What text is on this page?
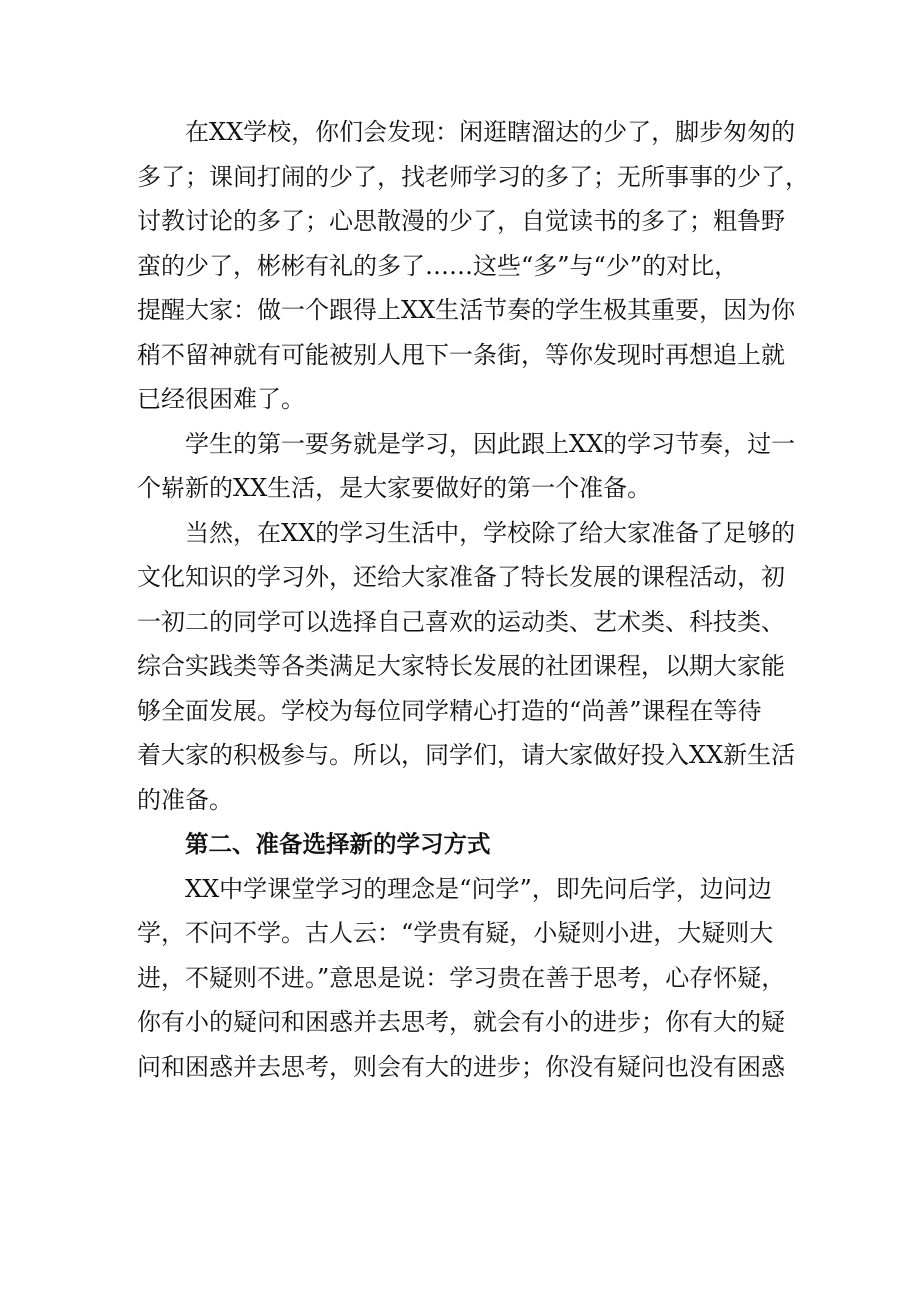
在XX学校，你们会发现：闲逛瞎溜达的少了，脚步匆匆的
多了；课间打闹的少了，找老师学习的多了；无所事事的少了，
讨教讨论的多了；心思散漫的少了，自觉读书的多了；粗鲁野
蛮的少了，彬彬有礼的多了……这些“多”与“少”的对比，
提醒大家：做一个跟得上XX生活节奏的学生极其重要，因为你
稍不留神就有可能被别人甩下一条街，等你发现时再想追上就
已经很困难了。
学生的第一要务就是学习，因此跟上XX的学习节奏，过一
个崭新的XX生活，是大家要做好的第一个准备。
当然，在XX的学习生活中，学校除了给大家准备了足够的
文化知识的学习外，还给大家准备了特长发展的课程活动，初
一初二的同学可以选择自己喜欢的运动类、艺术类、科技类、
综合实践类等各类满足大家特长发展的社团课程，以期大家能
够全面发展。学校为每位同学精心打造的“尚善”课程在等待
着大家的积极参与。所以，同学们，请大家做好投入XX新生活
的准备。
第二、准备选择新的学习方式
XX中学课堂学习的理念是“问学”，即先问后学，边问边
学，不问不学。古人云：“学贵有疑，小疑则小进，大疑则大
进，不疑则不进。”意思是说：学习贵在善于思考，心存怀疑，
你有小的疑问和困惑并去思考，就会有小的进步；你有大的疑
问和困惑并去思考，则会有大的进步；你没有疑问也没有困惑
